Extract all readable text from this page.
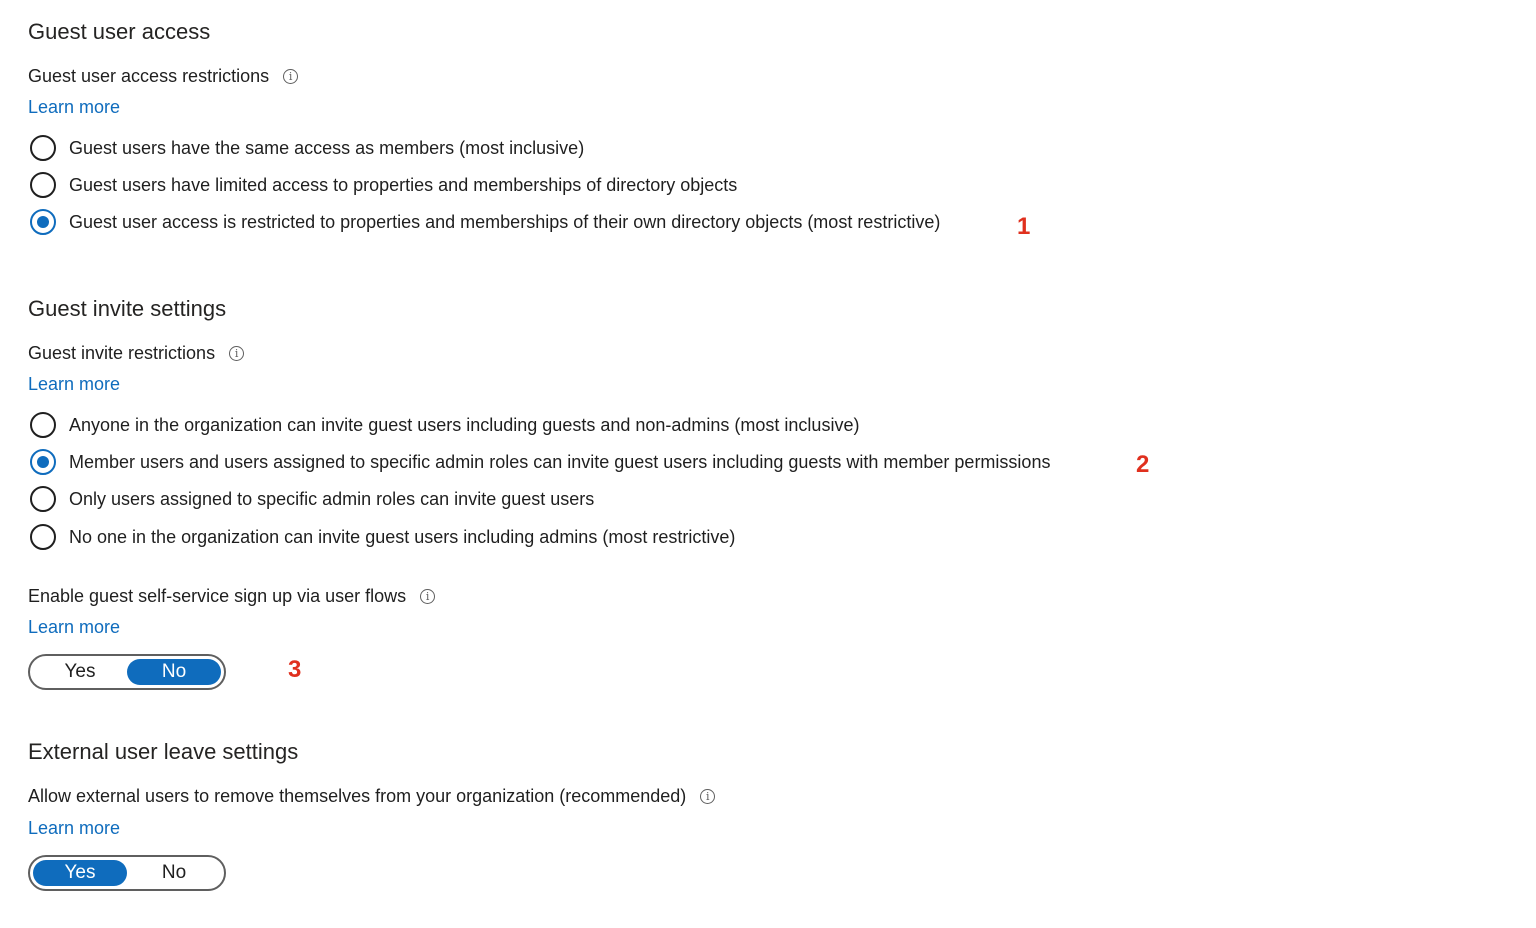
Guest user access
Guest user access restrictions	i
Learn more
Guest users have the same access as members (most inclusive)
Guest users have limited access to properties and memberships of directory objects
Guest user access is restricted to properties and memberships of their own directory objects (most restrictive)	1
Guest invite settings
Guest invite restrictions	i
Learn more
Anyone in the organization can invite guest users including guests and non-admins (most inclusive)
Member users and users assigned to specific admin roles can invite guest users including guests with member permissions
Only users assigned to specific admin roles can invite guest users
No one in the organization can invite guest users including admins (most restrictive)
2
Enable guest self-service sign up via user flows	i
Learn more
Yes	No	3
External user leave settings
Allow external users to remove themselves from your organization (recommended)	i
Learn more
Yes	No
